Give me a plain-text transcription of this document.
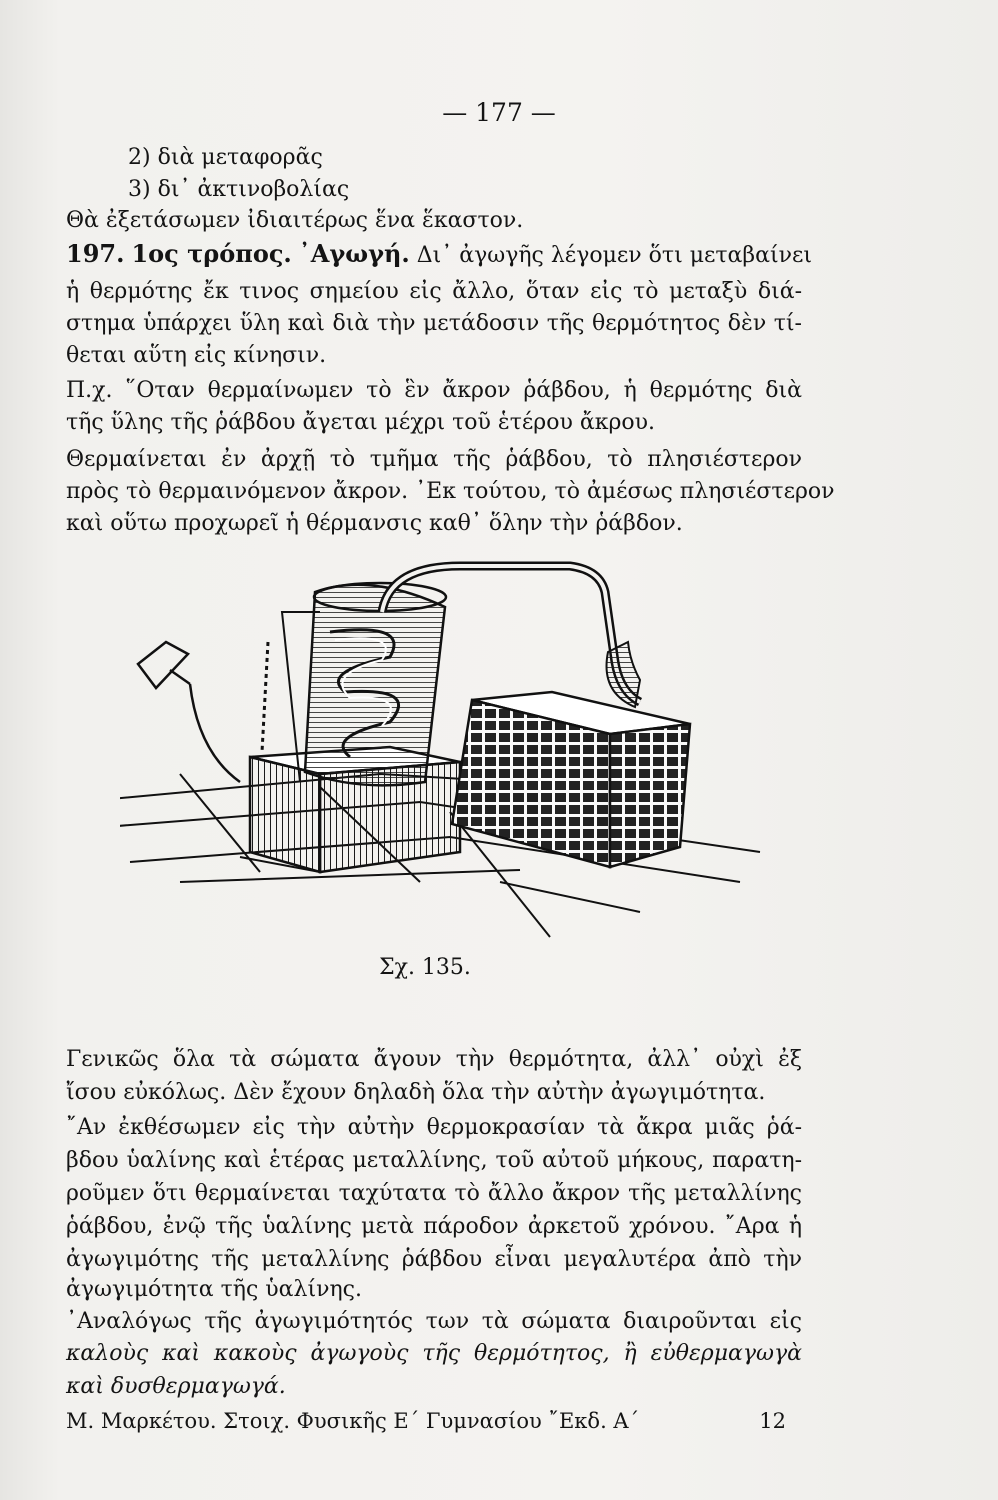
— 177 —
2) διὰ μεταφορᾶς
3) δι᾽ ἀκτινοβολίας
Θὰ ἐξετάσωμεν ἰδιαιτέρως ἕνα ἕκαστον.
197. 1ος τρόπος. ᾽Αγωγή. Δι᾽ ἀγωγῆς λέγομεν ὅτι μεταβαίνει
ἡ θερμότης ἔκ τινος σημείου εἰς ἄλλο, ὅταν εἰς τὸ μεταξὺ διά-
στημα ὑπάρχει ὕλη καὶ διὰ τὴν μετάδοσιν τῆς θερμότητος δὲν τί-
θεται αὕτη εἰς κίνησιν.
Π.χ. ῞Οταν θερμαίνωμεν τὸ ἓν ἄκρον ῥάβδου, ἡ θερμότης διὰ
τῆς ὕλης τῆς ῥάβδου ἄγεται μέχρι τοῦ ἑτέρου ἄκρου.
Θερμαίνεται ἐν ἀρχῇ τὸ τμῆμα τῆς ῥάβδου, τὸ πλησιέστερον
πρὸς τὸ θερμαινόμενον ἄκρον. ᾽Εκ τούτου, τὸ ἀμέσως πλησιέστερον
καὶ οὕτω προχωρεῖ ἡ θέρμανσις καθ᾽ ὅλην τὴν ῥάβδον.
Σχ. 135.
Γενικῶς ὅλα τὰ σώματα ἄγουν τὴν θερμότητα, ἀλλ᾽ οὐχὶ ἐξ
ἴσου εὐκόλως. Δὲν ἔχουν δηλαδὴ ὅλα τὴν αὐτὴν ἀγωγιμότητα.
῎Αν ἐκθέσωμεν εἰς τὴν αὐτὴν θερμοκρασίαν τὰ ἄκρα μιᾶς ῥά-
βδου ὑαλίνης καὶ ἑτέρας μεταλλίνης, τοῦ αὐτοῦ μήκους, παρατη-
ροῦμεν ὅτι θερμαίνεται ταχύτατα τὸ ἄλλο ἄκρον τῆς μεταλλίνης
ῥάβδου, ἐνῷ τῆς ὑαλίνης μετὰ πάροδον ἀρκετοῦ χρόνου. ῎Αρα ἡ
ἀγωγιμότης τῆς μεταλλίνης ῥάβδου εἶναι μεγαλυτέρα ἀπὸ τὴν
ἀγωγιμότητα τῆς ὑαλίνης.
᾽Αναλόγως τῆς ἀγωγιμότητός των τὰ σώματα διαιροῦνται εἰς
καλοὺς καὶ κακοὺς ἀγωγοὺς τῆς θερμότητος, ἢ εὐθερμαγωγὰ
καὶ δυσθερμαγωγά.
Μ. Μαρκέτου. Στοιχ. Φυσικῆς Ε΄ Γυμνασίου ῎Εκδ. Α΄	12
